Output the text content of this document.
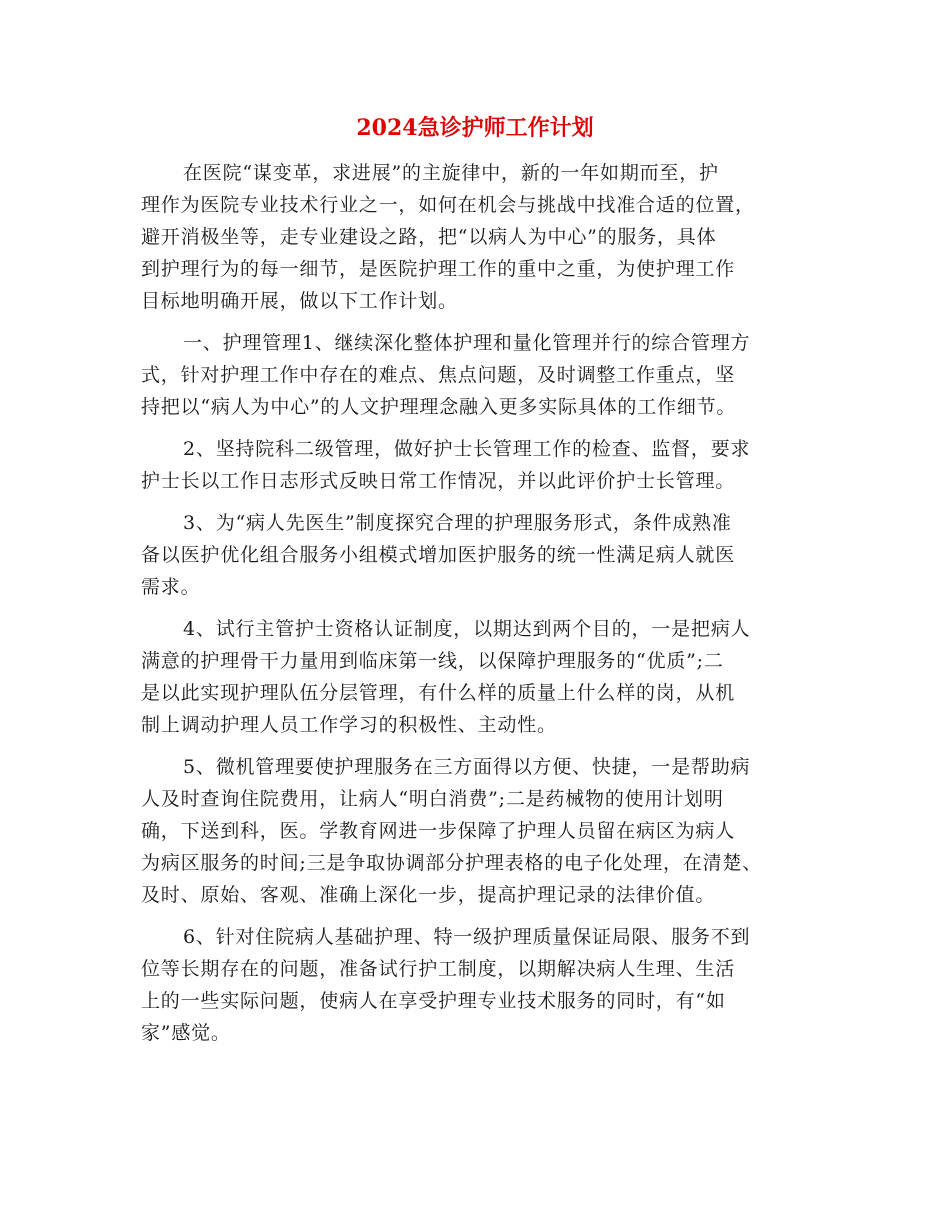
2024急诊护师工作计划

在医院“谋变革，求进展”的主旋律中，新的一年如期而至，护
理作为医院专业技术行业之一，如何在机会与挑战中找准合适的位置，
避开消极坐等，走专业建设之路，把“以病人为中心”的服务，具体
到护理行为的每一细节，是医院护理工作的重中之重，为使护理工作
目标地明确开展，做以下工作计划。

一、护理管理1、继续深化整体护理和量化管理并行的综合管理方
式，针对护理工作中存在的难点、焦点问题，及时调整工作重点，坚
持把以“病人为中心”的人文护理理念融入更多实际具体的工作细节。

2、坚持院科二级管理，做好护士长管理工作的检查、监督，要求
护士长以工作日志形式反映日常工作情况，并以此评价护士长管理。

3、为“病人先医生”制度探究合理的护理服务形式，条件成熟准
备以医护优化组合服务小组模式增加医护服务的统一性满足病人就医
需求。

4、试行主管护士资格认证制度，以期达到两个目的，一是把病人
满意的护理骨干力量用到临床第一线，以保障护理服务的“优质”;二
是以此实现护理队伍分层管理，有什么样的质量上什么样的岗，从机
制上调动护理人员工作学习的积极性、主动性。

5、微机管理要使护理服务在三方面得以方便、快捷，一是帮助病
人及时查询住院费用，让病人“明白消费”;二是药械物的使用计划明
确，下送到科，医。学教育网进一步保障了护理人员留在病区为病人
为病区服务的时间;三是争取协调部分护理表格的电子化处理，在清楚、
及时、原始、客观、准确上深化一步，提高护理记录的法律价值。

6、针对住院病人基础护理、特一级护理质量保证局限、服务不到
位等长期存在的问题，准备试行护工制度，以期解决病人生理、生活
上的一些实际问题，使病人在享受护理专业技术服务的同时，有“如
家”感觉。
